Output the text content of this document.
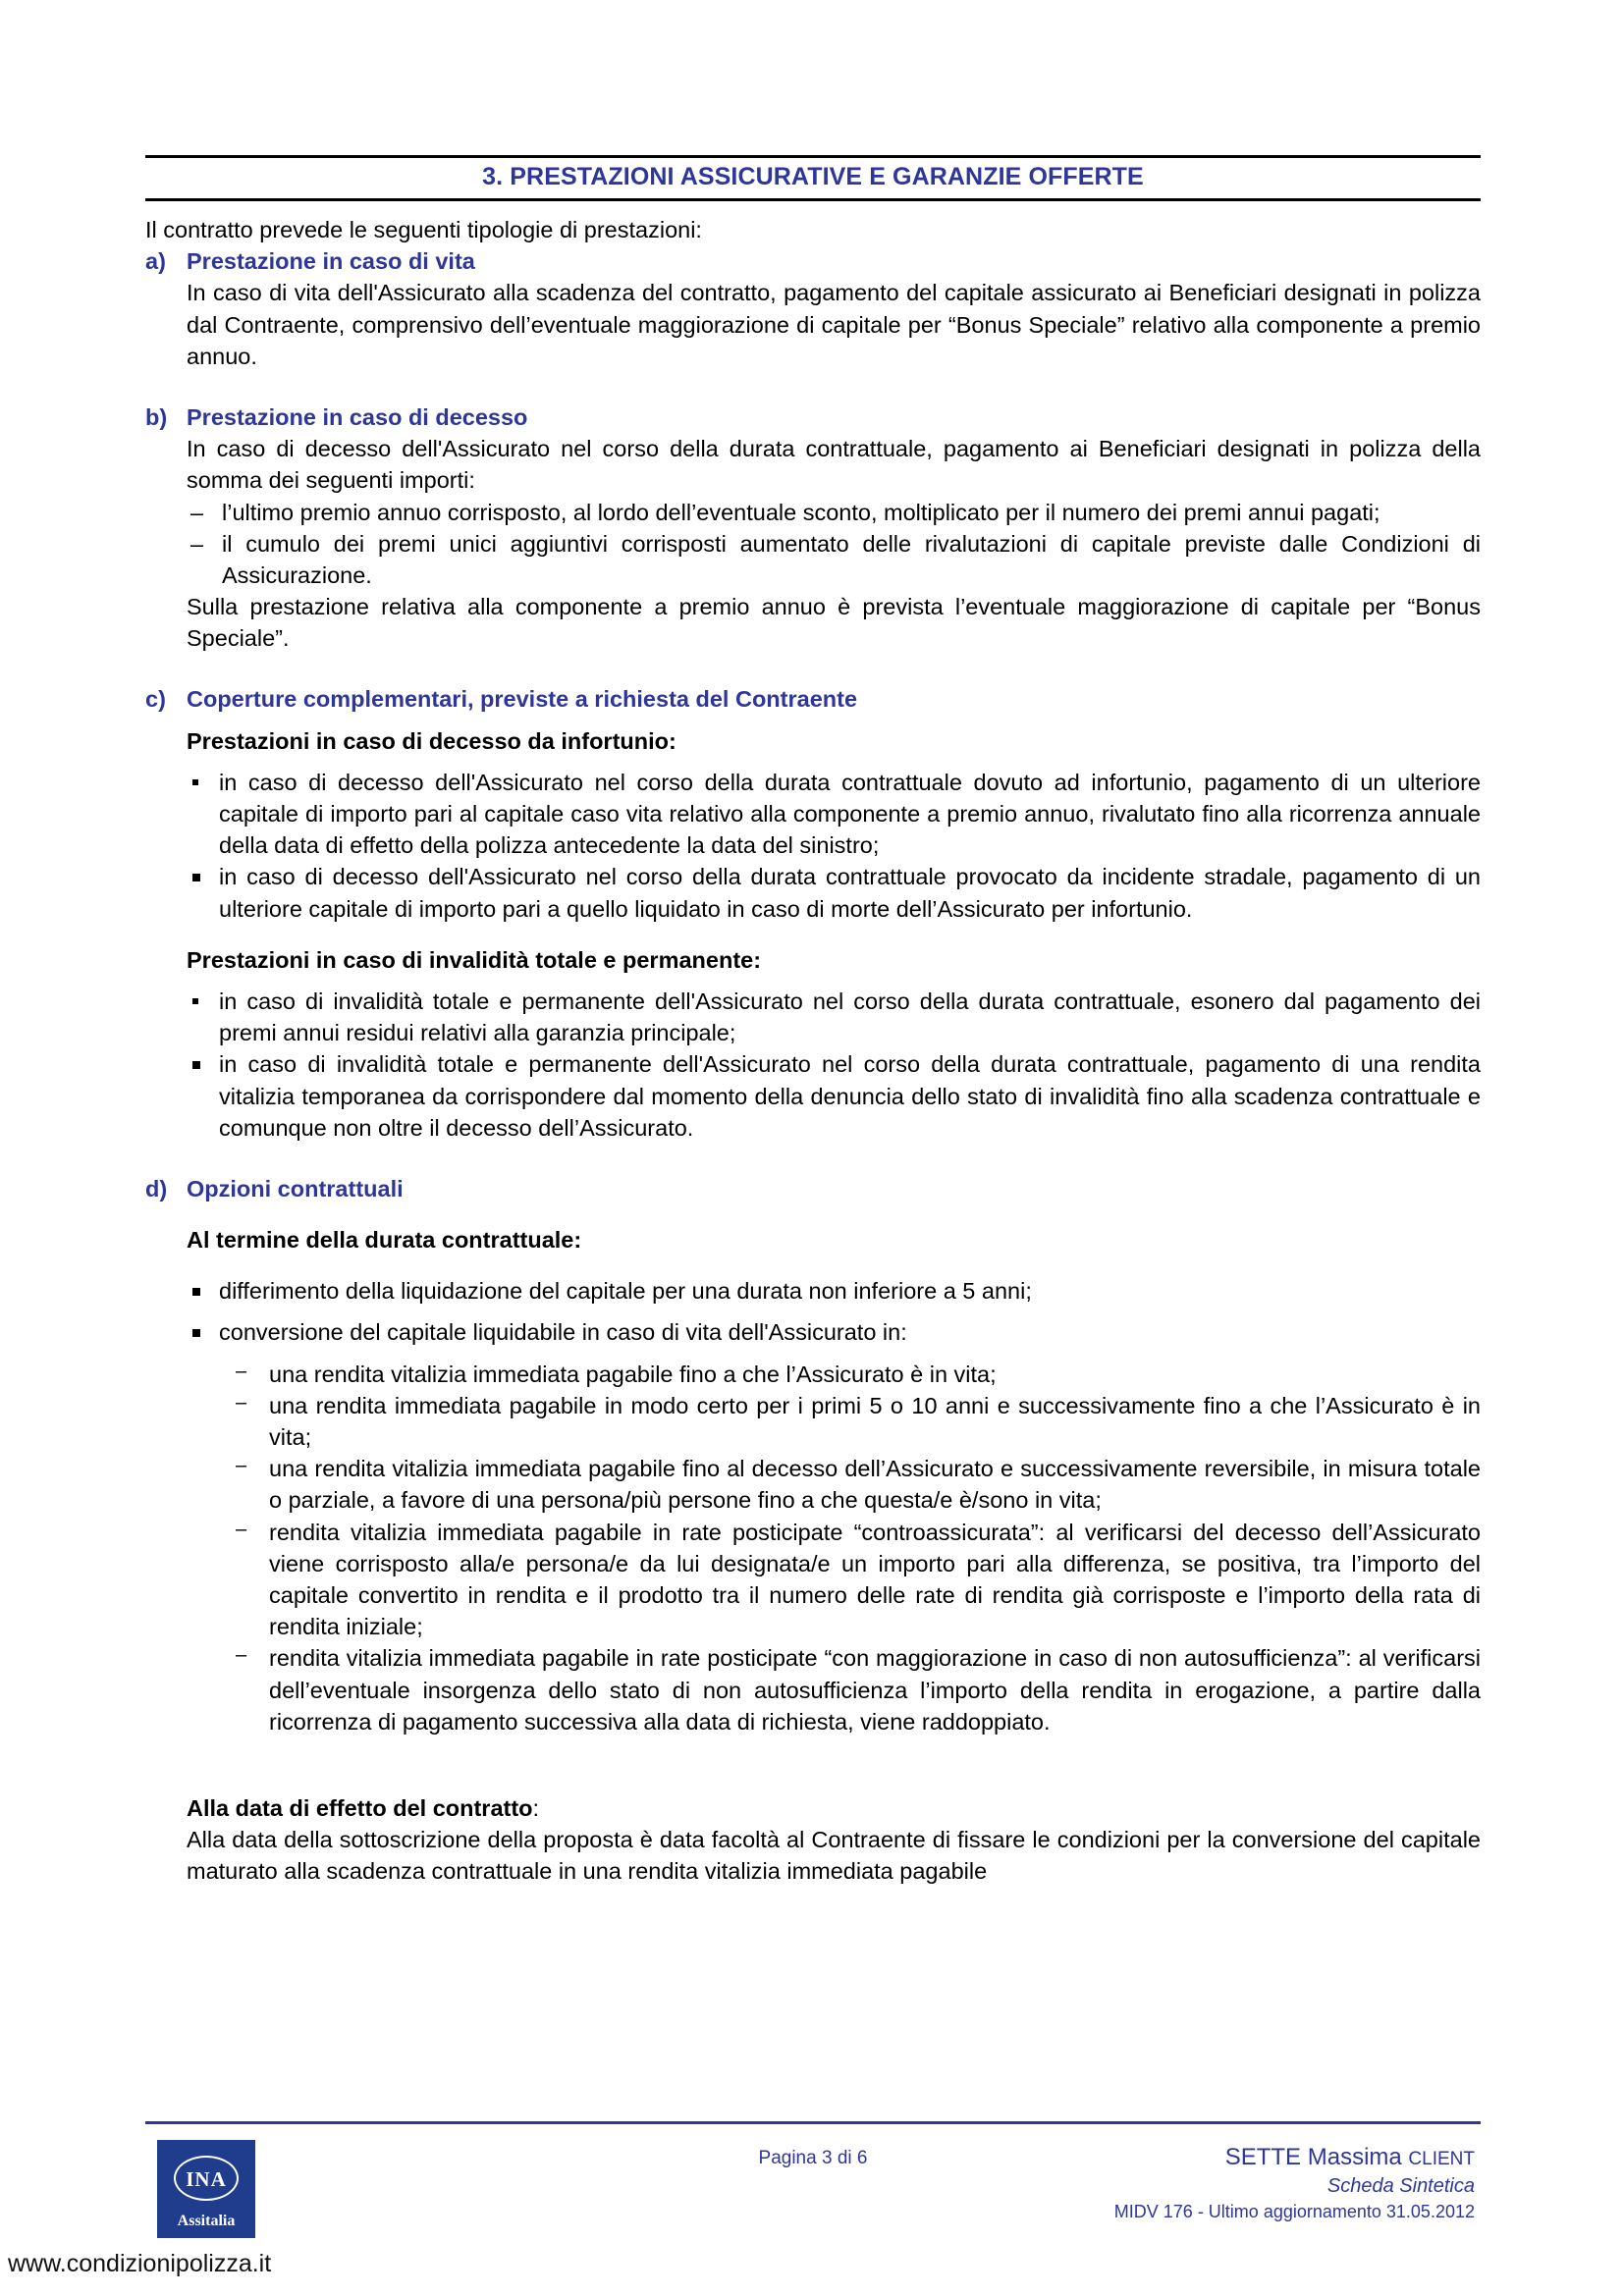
3. PRESTAZIONI ASSICURATIVE E GARANZIE OFFERTE

Il contratto prevede le seguenti tipologie di prestazioni:

a) Prestazione in caso di vita

In caso di vita dell'Assicurato alla scadenza del contratto, pagamento del capitale assicurato ai Beneficiari designati in polizza dal Contraente, comprensivo dell’eventuale maggiorazione di capitale per “Bonus Speciale” relativo alla componente a premio annuo.

b) Prestazione in caso di decesso

In caso di decesso dell'Assicurato nel corso della durata contrattuale, pagamento ai Beneficiari designati in polizza della somma dei seguenti importi:

– l’ultimo premio annuo corrisposto, al lordo dell’eventuale sconto, moltiplicato per il numero dei premi annui pagati;
– il cumulo dei premi unici aggiuntivi corrisposti aumentato delle rivalutazioni di capitale previste dalle Condizioni di Assicurazione.

Sulla prestazione relativa alla componente a premio annuo è prevista l’eventuale maggiorazione di capitale per “Bonus Speciale”.

c) Coperture complementari, previste a richiesta del Contraente

Prestazioni in caso di decesso da infortunio:

in caso di decesso dell'Assicurato nel corso della durata contrattuale dovuto ad infortunio, pagamento di un ulteriore capitale di importo pari al capitale caso vita relativo alla componente a premio annuo, rivalutato fino alla ricorrenza annuale della data di effetto della polizza antecedente la data del sinistro;
in caso di decesso dell'Assicurato nel corso della durata contrattuale provocato da incidente stradale, pagamento di un ulteriore capitale di importo pari a quello liquidato in caso di morte dell’Assicurato per infortunio.

Prestazioni in caso di invalidità totale e permanente:

in caso di invalidità totale e permanente dell'Assicurato nel corso della durata contrattuale, esonero dal pagamento dei premi annui residui relativi alla garanzia principale;
in caso di invalidità totale e permanente dell'Assicurato nel corso della durata contrattuale, pagamento di una rendita vitalizia temporanea da corrispondere dal momento della denuncia dello stato di invalidità fino alla scadenza contrattuale e comunque non oltre il decesso dell’Assicurato.
d) Opzioni contrattuali

Al termine della durata contrattuale:

differimento della liquidazione del capitale per una durata non inferiore a 5 anni;
conversione del capitale liquidabile in caso di vita dell'Assicurato in:
– una rendita vitalizia immediata pagabile fino a che l’Assicurato è in vita;
– una rendita immediata pagabile in modo certo per i primi 5 o 10 anni e successivamente fino a che l’Assicurato è in vita;
– una rendita vitalizia immediata pagabile fino al decesso dell’Assicurato e successivamente reversibile, in misura totale o parziale, a favore di una persona/più persone fino a che questa/e è/sono in vita;
– rendita vitalizia immediata pagabile in rate posticipate “controassicurata”: al verificarsi del decesso dell’Assicurato viene corrisposto alla/e persona/e da lui designata/e un importo pari alla differenza, se positiva, tra l’importo del capitale convertito in rendita e il prodotto tra il numero delle rate di rendita già corrisposte e l’importo della rata di rendita iniziale;
– rendita vitalizia immediata pagabile in rate posticipate “con maggiorazione in caso di non autosufficienza”: al verificarsi dell’eventuale insorgenza dello stato di non autosufficienza l’importo della rendita in erogazione, a partire dalla ricorrenza di pagamento successiva alla data di richiesta, viene raddoppiato.

Alla data di effetto del contratto:

Alla data della sottoscrizione della proposta è data facoltà al Contraente di fissare le condizioni per la conversione del capitale maturato alla scadenza contrattuale in una rendita vitalizia immediata pagabile

INA
Assitalia
Pagina 3 di 6	SETTE Massima CLIENT
Scheda Sintetica
MIDV 176 - Ultimo aggiornamento 31.05.2012
www.condizionipolizza.it
